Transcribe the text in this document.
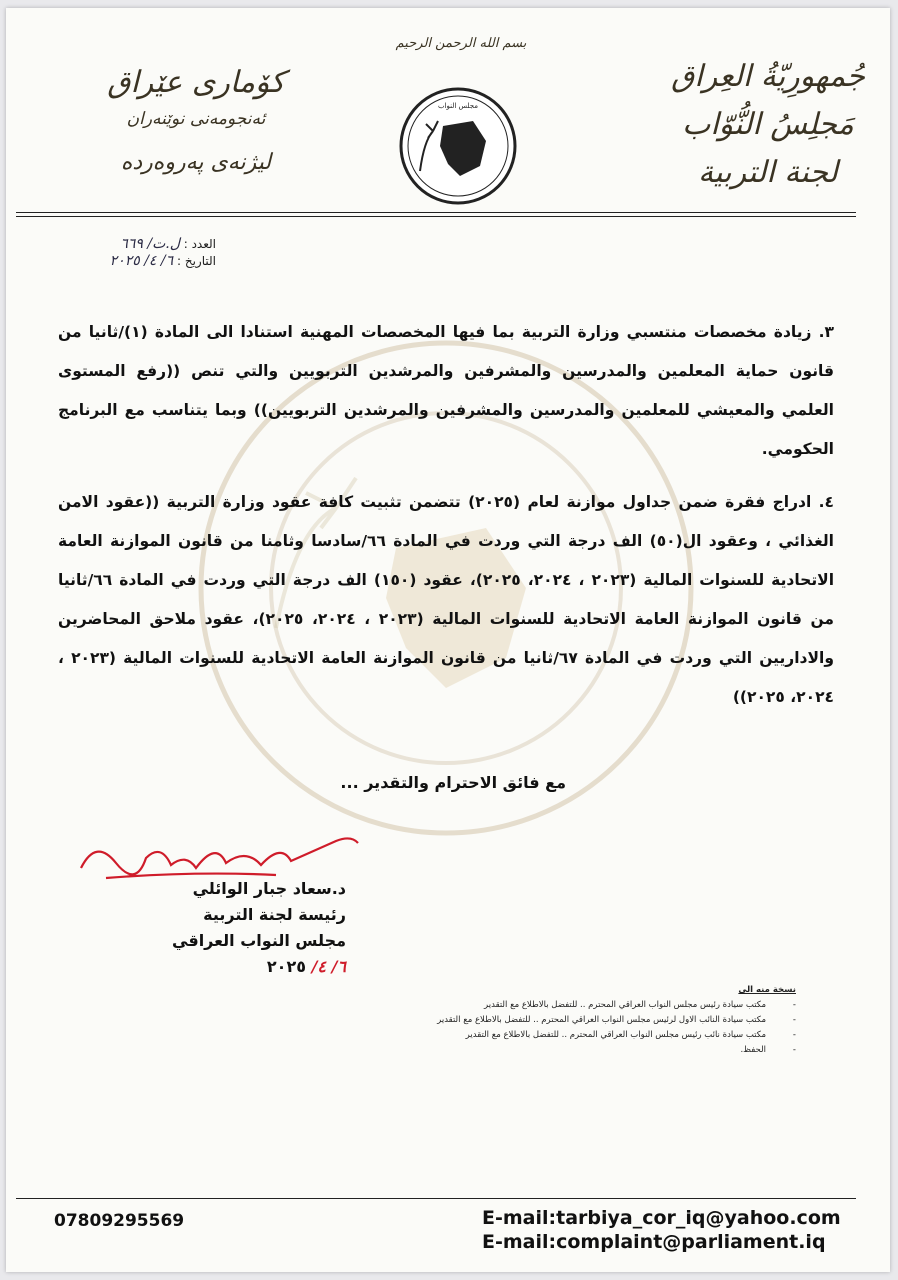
جُمهورِيّةُ العِراق
مَجلِسُ النُّوّاب
لجنة التربية
بسم الله الرحمن الرحيم
مجلس النواب
كۆماری عێراق
ئەنجومەنی نوێنەران
لیژنەی پەروەردە
العدد : ل.ت/ ٦٦٩
التاريخ : ٦/ ٤/ ٢٠٢٥

٣. زيادة مخصصات منتسبي وزارة التربية بما فيها المخصصات المهنية استنادا الى المادة (١)/ثانيا من قانون حماية المعلمين والمدرسين والمشرفين والمرشدين التربويين والتي تنص ((رفع المستوى العلمي والمعيشي للمعلمين والمدرسين والمشرفين والمرشدين التربويين)) وبما يتناسب مع البرنامج الحكومي.

٤. ادراج فقرة ضمن جداول موازنة لعام (٢٠٢٥) تتضمن تثبيت كافة عقود وزارة التربية ((عقود الامن الغذائي ، وعقود ال(٥٠) الف درجة التي وردت في المادة ٦٦/سادسا وثامنا من قانون الموازنة العامة الاتحادية للسنوات المالية (٢٠٢٣ ، ٢٠٢٤، ٢٠٢٥)، عقود (١٥٠) الف درجة التي وردت في المادة ٦٦/ثانيا من قانون الموازنة العامة الاتحادية للسنوات المالية (٢٠٢٣ ، ٢٠٢٤، ٢٠٢٥)، عقود ملاحق المحاضرين والاداريين التي وردت في المادة ٦٧/ثانيا من قانون الموازنة العامة الاتحادية للسنوات المالية (٢٠٢٣ ، ٢٠٢٤، ٢٠٢٥))

مع فائق الاحترام والتقدير ...
د.سعاد جبار الوائلي
رئيسة لجنة التربية
مجلس النواب العراقي
٦/ ٤/ ٢٠٢٥
نسخة منه الى
-
مكتب سيادة رئيس مجلس النواب العراقي المحترم .. للتفضل بالاطلاع مع التقدير
-
مكتب سيادة النائب الاول لرئيس مجلس النواب العراقي المحترم .. للتفضل بالاطلاع مع التقدير
-
مكتب سيادة نائب رئيس مجلس النواب العراقي المحترم .. للتفضل بالاطلاع مع التقدير
-
الحفظ.
07809295569	E-mail:tarbiya_cor_iq@yahoo.com
E-mail:complaint@parliament.iq
